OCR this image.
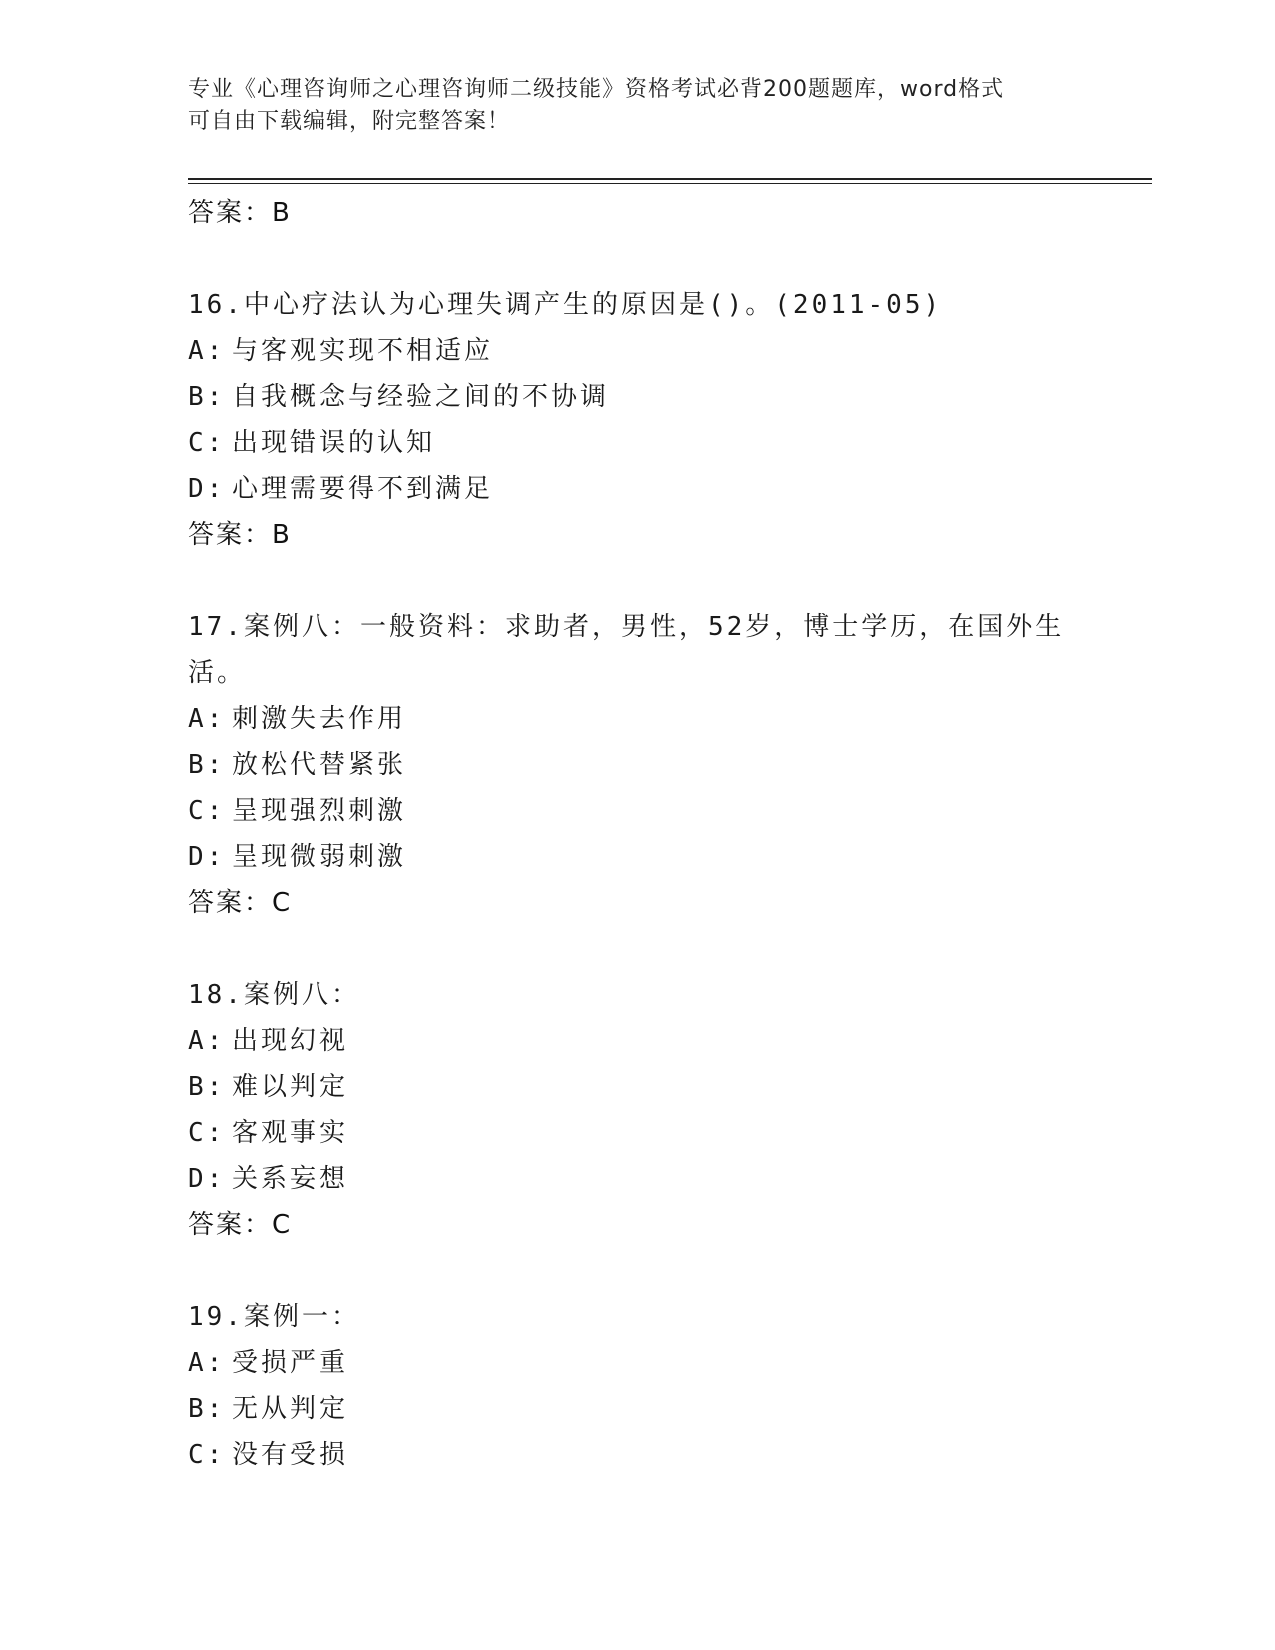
专业《心理咨询师之心理咨询师二级技能》资格考试必背200题题库，word格式
可自由下载编辑，附完整答案！
答案：B
16.中心疗法认为心理失调产生的原因是()。(2011-05)
A: 与客观实现不相适应
B: 自我概念与经验之间的不协调
C: 出现错误的认知
D: 心理需要得不到满足
答案：B
17.案例八：一般资料：求助者，男性，52岁，博士学历，在国外生活。
A: 刺激失去作用
B: 放松代替紧张
C: 呈现强烈刺激
D: 呈现微弱刺激
答案：C
18.案例八：
A: 出现幻视
B: 难以判定
C: 客观事实
D: 关系妄想
答案：C
19.案例一：
A: 受损严重
B: 无从判定
C: 没有受损
